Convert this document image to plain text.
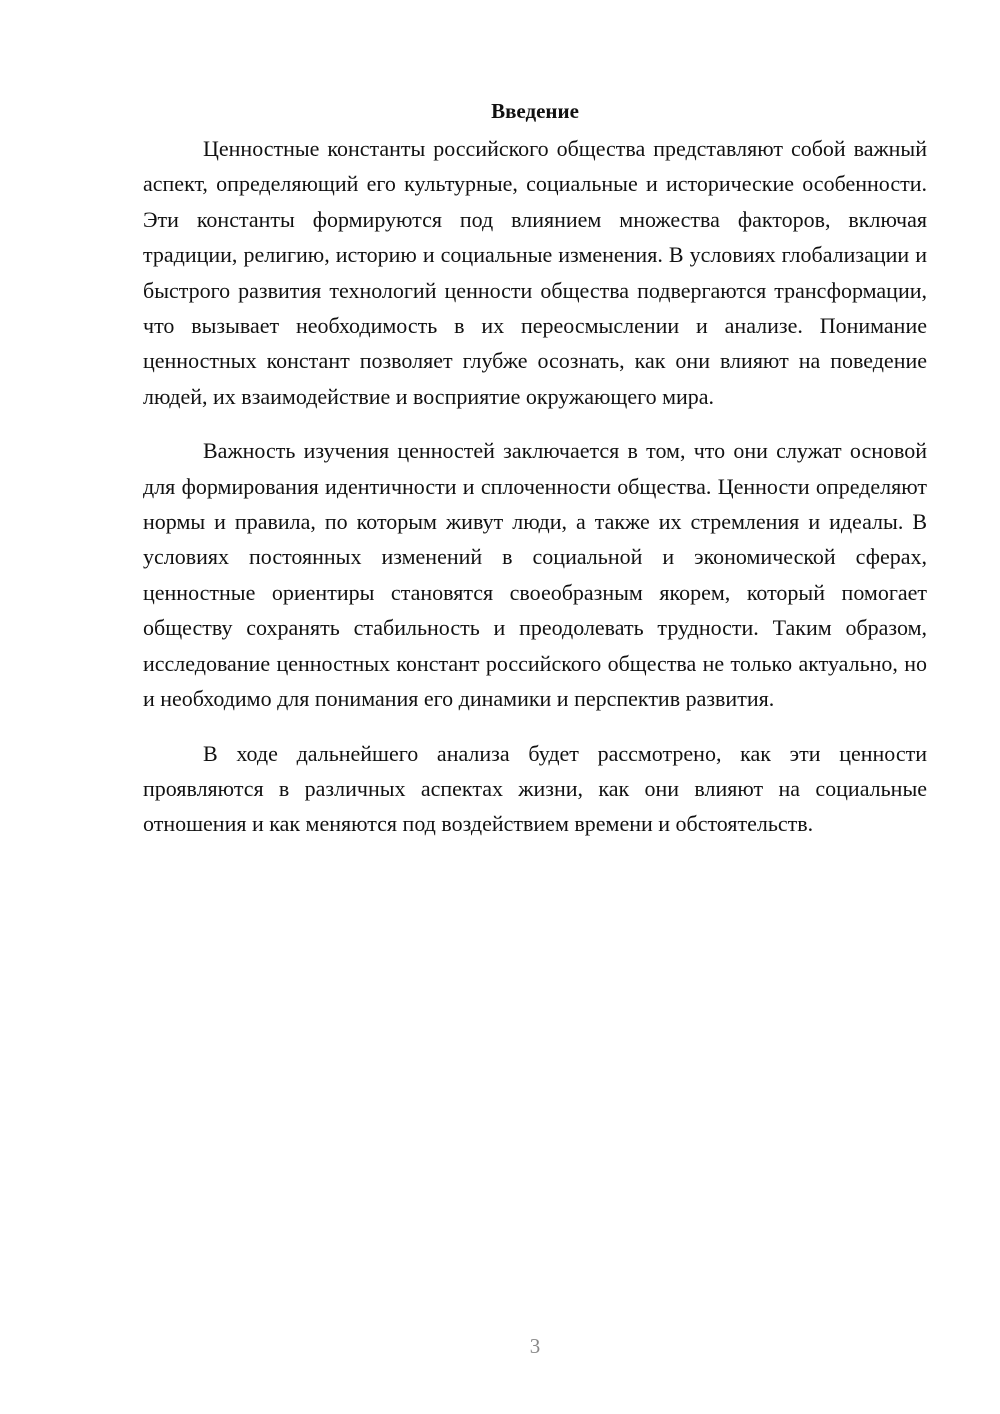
Введение

Ценностные константы российского общества представляют собой важный аспект, определяющий его культурные, социальные и исторические особенности. Эти константы формируются под влиянием множества факторов, включая традиции, религию, историю и социальные изменения. В условиях глобализации и быстрого развития технологий ценности общества подвергаются трансформации, что вызывает необходимость в их переосмыслении и анализе. Понимание ценностных констант позволяет глубже осознать, как они влияют на поведение людей, их взаимодействие и восприятие окружающего мира.

Важность изучения ценностей заключается в том, что они служат основой для формирования идентичности и сплоченности общества. Ценности определяют нормы и правила, по которым живут люди, а также их стремления и идеалы. В условиях постоянных изменений в социальной и экономической сферах, ценностные ориентиры становятся своеобразным якорем, который помогает обществу сохранять стабильность и преодолевать трудности. Таким образом, исследование ценностных констант российского общества не только актуально, но и необходимо для понимания его динамики и перспектив развития.

В ходе дальнейшего анализа будет рассмотрено, как эти ценности проявляются в различных аспектах жизни, как они влияют на социальные отношения и как меняются под воздействием времени и обстоятельств.

3
